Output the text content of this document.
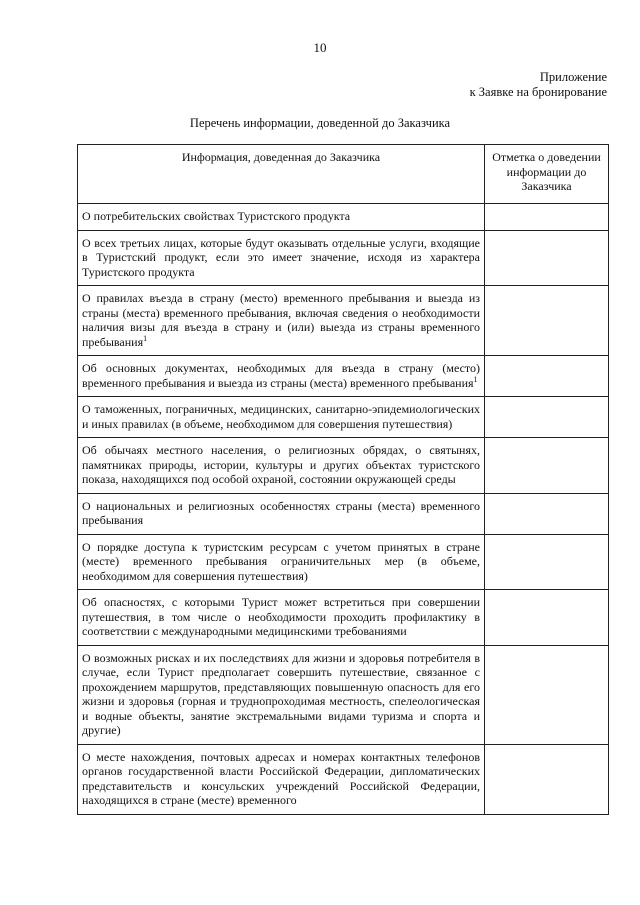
10
Приложение
к Заявке на бронирование
Перечень информации, доведенной до Заказчика
Информация, доведенная до Заказчика	Отметка о доведении информации до Заказчика
О потребительских свойствах Туристского продукта	
О всех третьих лицах, которые будут оказывать отдельные услуги, входящие в Туристский продукт, если это имеет значение, исходя из характера Туристского продукта	
О правилах въезда в страну (место) временного пребывания и выезда из страны (места) временного пребывания, включая сведения о необходимости наличия визы для въезда в страну и (или) выезда из страны временного пребывания$^1$	
Об основных документах, необходимых для въезда в страну (место) временного пребывания и выезда из страны (места) временного пребывания$^1$	
О таможенных, пограничных, медицинских, санитарно-эпидемиологических и иных правилах (в объеме, необходимом для совершения путешествия)	
Об обычаях местного населения, о религиозных обрядах, о святынях, памятниках природы, истории, культуры и других объектах туристского показа, находящихся под особой охраной, состоянии окружающей среды	
О национальных и религиозных особенностях страны (места) временного пребывания	
О порядке доступа к туристским ресурсам с учетом принятых в стране (месте) временного пребывания ограничительных мер (в объеме, необходимом для совершения путешествия)	
Об опасностях, с которыми Турист может встретиться при совершении путешествия, в том числе о необходимости проходить профилактику в соответствии с международными медицинскими требованиями	
О возможных рисках и их последствиях для жизни и здоровья потребителя в случае, если Турист предполагает совершить путешествие, связанное с прохождением маршрутов, представляющих повышенную опасность для его жизни и здоровья (горная и труднопроходимая местность, спелеологическая и водные объекты, занятие экстремальными видами туризма и спорта и другие)	
О месте нахождения, почтовых адресах и номерах контактных телефонов органов государственной власти Российской Федерации, дипломатических представительств и консульских учреждений Российской Федерации, находящихся в стране (месте) временного	
